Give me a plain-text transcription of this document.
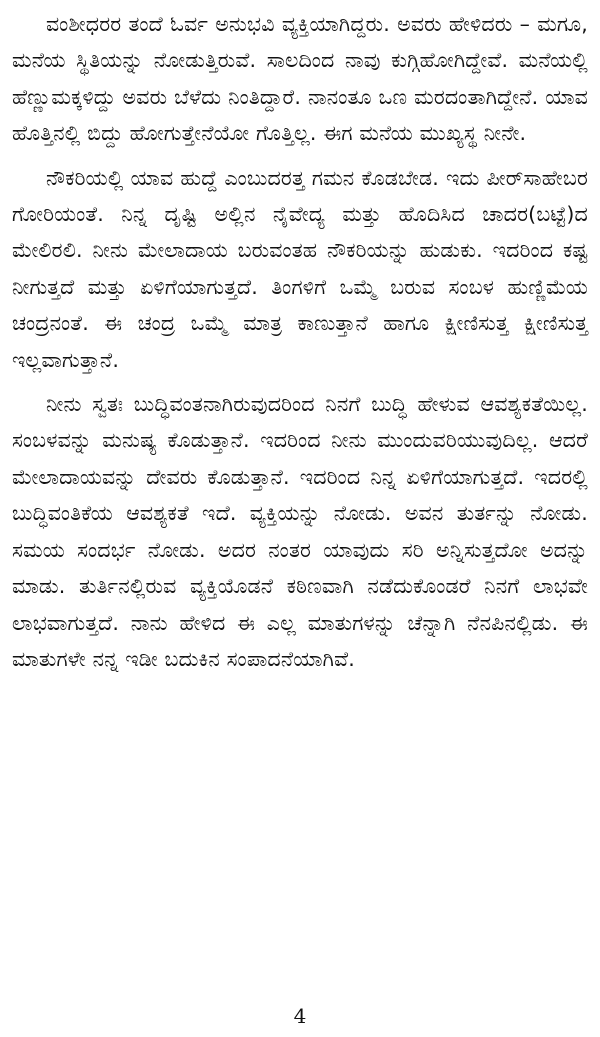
ವಂಶೀಧರರ ತಂದೆ ಓರ್ವ ಅನುಭವಿ ವ್ಯಕ್ತಿಯಾಗಿದ್ದರು. ಅವರು ಹೇಳಿದರು – ಮಗೂ, ಮನೆಯ ಸ್ಥಿತಿಯನ್ನು ನೋಡುತ್ತಿರುವೆ. ಸಾಲದಿಂದ ನಾವು ಕುಗ್ಗಿಹೋಗಿದ್ದೇವೆ. ಮನೆಯಲ್ಲಿ ಹೆಣ್ಣುಮಕ್ಕಳಿದ್ದು ಅವರು ಬೆಳೆದು ನಿಂತಿದ್ದಾರೆ. ನಾನಂತೂ ಒಣ ಮರದಂತಾಗಿದ್ದೇನೆ. ಯಾವ ಹೊತ್ತಿನಲ್ಲಿ ಬಿದ್ದು ಹೋಗುತ್ತೇನೆಯೋ ಗೊತ್ತಿಲ್ಲ. ಈಗ ಮನೆಯ ಮುಖ್ಯಸ್ಥ ನೀನೇ.

ನೌಕರಿಯಲ್ಲಿ ಯಾವ ಹುದ್ದೆ ಎಂಬುದರತ್ತ ಗಮನ ಕೊಡಬೇಡ. ಇದು ಪೀರ್‌ಸಾಹೇಬರ ಗೋರಿಯಂತೆ. ನಿನ್ನ ದೃಷ್ಟಿ ಅಲ್ಲಿನ ನೈವೇದ್ಯ ಮತ್ತು ಹೊದಿಸಿದ ಚಾದರ(ಬಟ್ಟೆ)ದ ಮೇಲಿರಲಿ. ನೀನು ಮೇಲಾದಾಯ ಬರುವಂತಹ ನೌಕರಿಯನ್ನು ಹುಡುಕು. ಇದರಿಂದ ಕಷ್ಟ ನೀಗುತ್ತದೆ ಮತ್ತು ಏಳಿಗೆಯಾಗುತ್ತದೆ. ತಿಂಗಳಿಗೆ ಒಮ್ಮೆ ಬರುವ ಸಂಬಳ ಹುಣ್ಣಿಮೆಯ ಚಂದ್ರನಂತೆ. ಈ ಚಂದ್ರ ಒಮ್ಮೆ ಮಾತ್ರ ಕಾಣುತ್ತಾನೆ ಹಾಗೂ ಕ್ಷೀಣಿಸುತ್ತ ಕ್ಷೀಣಿಸುತ್ತ ಇಲ್ಲವಾಗುತ್ತಾನೆ.

ನೀನು ಸ್ವತಃ ಬುದ್ಧಿವಂತನಾಗಿರುವುದರಿಂದ ನಿನಗೆ ಬುದ್ಧಿ ಹೇಳುವ ಆವಶ್ಯಕತೆಯಿಲ್ಲ. ಸಂಬಳವನ್ನು ಮನುಷ್ಯ ಕೊಡುತ್ತಾನೆ. ಇದರಿಂದ ನೀನು ಮುಂದುವರಿಯುವುದಿಲ್ಲ. ಆದರೆ ಮೇಲಾದಾಯವನ್ನು ದೇವರು ಕೊಡುತ್ತಾನೆ. ಇದರಿಂದ ನಿನ್ನ ಏಳಿಗೆಯಾಗುತ್ತದೆ. ಇದರಲ್ಲಿ ಬುದ್ಧಿವಂತಿಕೆಯ ಆವಶ್ಯಕತೆ ಇದೆ. ವ್ಯಕ್ತಿಯನ್ನು ನೋಡು. ಅವನ ತುರ್ತನ್ನು ನೋಡು. ಸಮಯ ಸಂದರ್ಭ ನೋಡು. ಅದರ ನಂತರ ಯಾವುದು ಸರಿ ಅನ್ನಿಸುತ್ತದೋ ಅದನ್ನು ಮಾಡು. ತುರ್ತಿನಲ್ಲಿರುವ ವ್ಯಕ್ತಿಯೊಡನೆ ಕಠಿಣವಾಗಿ ನಡೆದುಕೊಂಡರೆ ನಿನಗೆ ಲಾಭವೇ ಲಾಭವಾಗುತ್ತದೆ. ನಾನು ಹೇಳಿದ ಈ ಎಲ್ಲ ಮಾತುಗಳನ್ನು ಚೆನ್ನಾಗಿ ನೆನಪಿನಲ್ಲಿಡು. ಈ ಮಾತುಗಳೇ ನನ್ನ ಇಡೀ ಬದುಕಿನ ಸಂಪಾದನೆಯಾಗಿವೆ.

4
